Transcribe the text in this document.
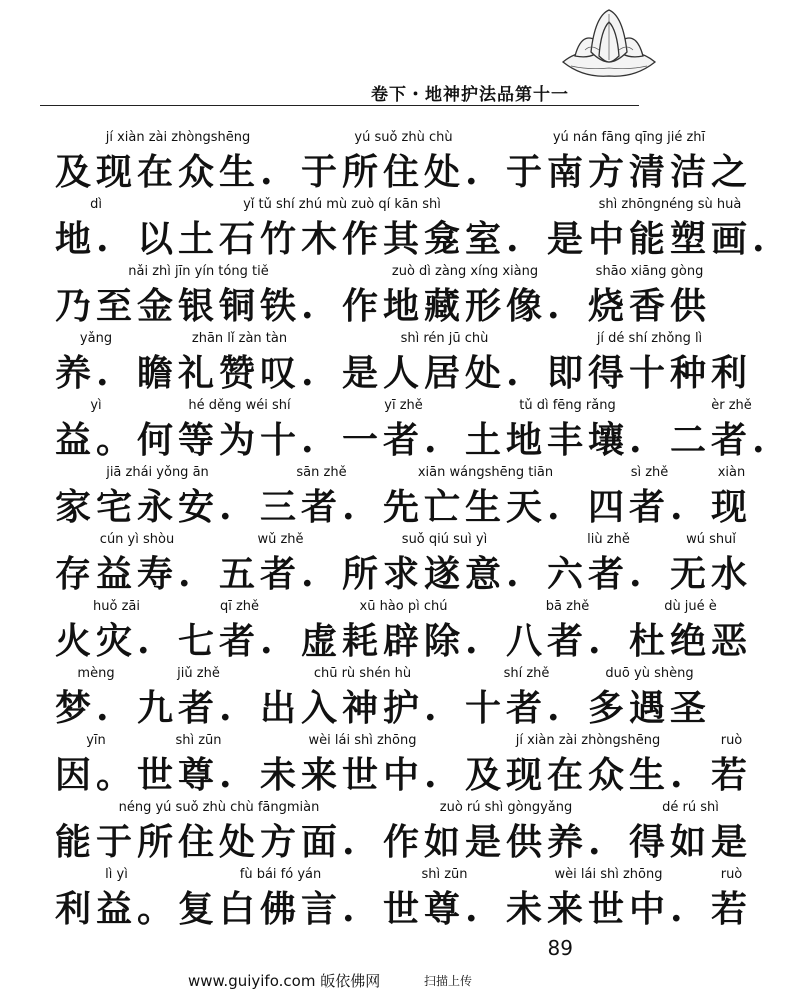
卷下・地神护法品第十一
jí xiàn zài zhòngshēng
及现在众生.
yú suǒ zhù chù
于所住处.
yú nán fāng qīng jié zhī
于南方清洁之
dì
地.
yǐ tǔ shí zhú mù zuò qí kān shì
以土石竹木作其龛室.
shì zhōngnéng sù huà
是中能塑画.
nǎi zhì jīn yín tóng tiě
乃至金银铜铁.
zuò dì zàng xíng xiàng
作地藏形像.
shāo xiāng gòng
烧香供
yǎng
养.
zhān lǐ zàn tàn
瞻礼赞叹.
shì rén jū chù
是人居处.
jí dé shí zhǒng lì
即得十种利
yì
益。
hé děng wéi shí
何等为十.
yī zhě
一者.
tǔ dì fēng rǎng
土地丰壤.
èr zhě
二者.
jiā zhái yǒng ān
家宅永安.
sān zhě
三者.
xiān wángshēng tiān
先亡生天.
sì zhě
四者.
xiàn
现
cún yì shòu
存益寿.
wǔ zhě
五者.
suǒ qiú suì yì
所求遂意.
liù zhě
六者.
wú shuǐ
无水
huǒ zāi
火灾.
qī zhě
七者.
xū hào pì chú
虚耗辟除.
bā zhě
八者.
dù jué è
杜绝恶
mèng
梦.
jiǔ zhě
九者.
chū rù shén hù
出入神护.
shí zhě
十者.
duō yù shèng
多遇圣
yīn
因。
shì zūn
世尊.
wèi lái shì zhōng
未来世中.
jí xiàn zài zhòngshēng
及现在众生.
ruò
若
néng yú suǒ zhù chù fāngmiàn
能于所住处方面.
zuò rú shì gòngyǎng
作如是供养.
dé rú shì
得如是
lì yì
利益。
fù bái fó yán
复白佛言.
shì zūn
世尊.
wèi lái shì zhōng
未来世中.
ruò
若
89
www.guiyifo.com 皈依佛网	扫描上传
